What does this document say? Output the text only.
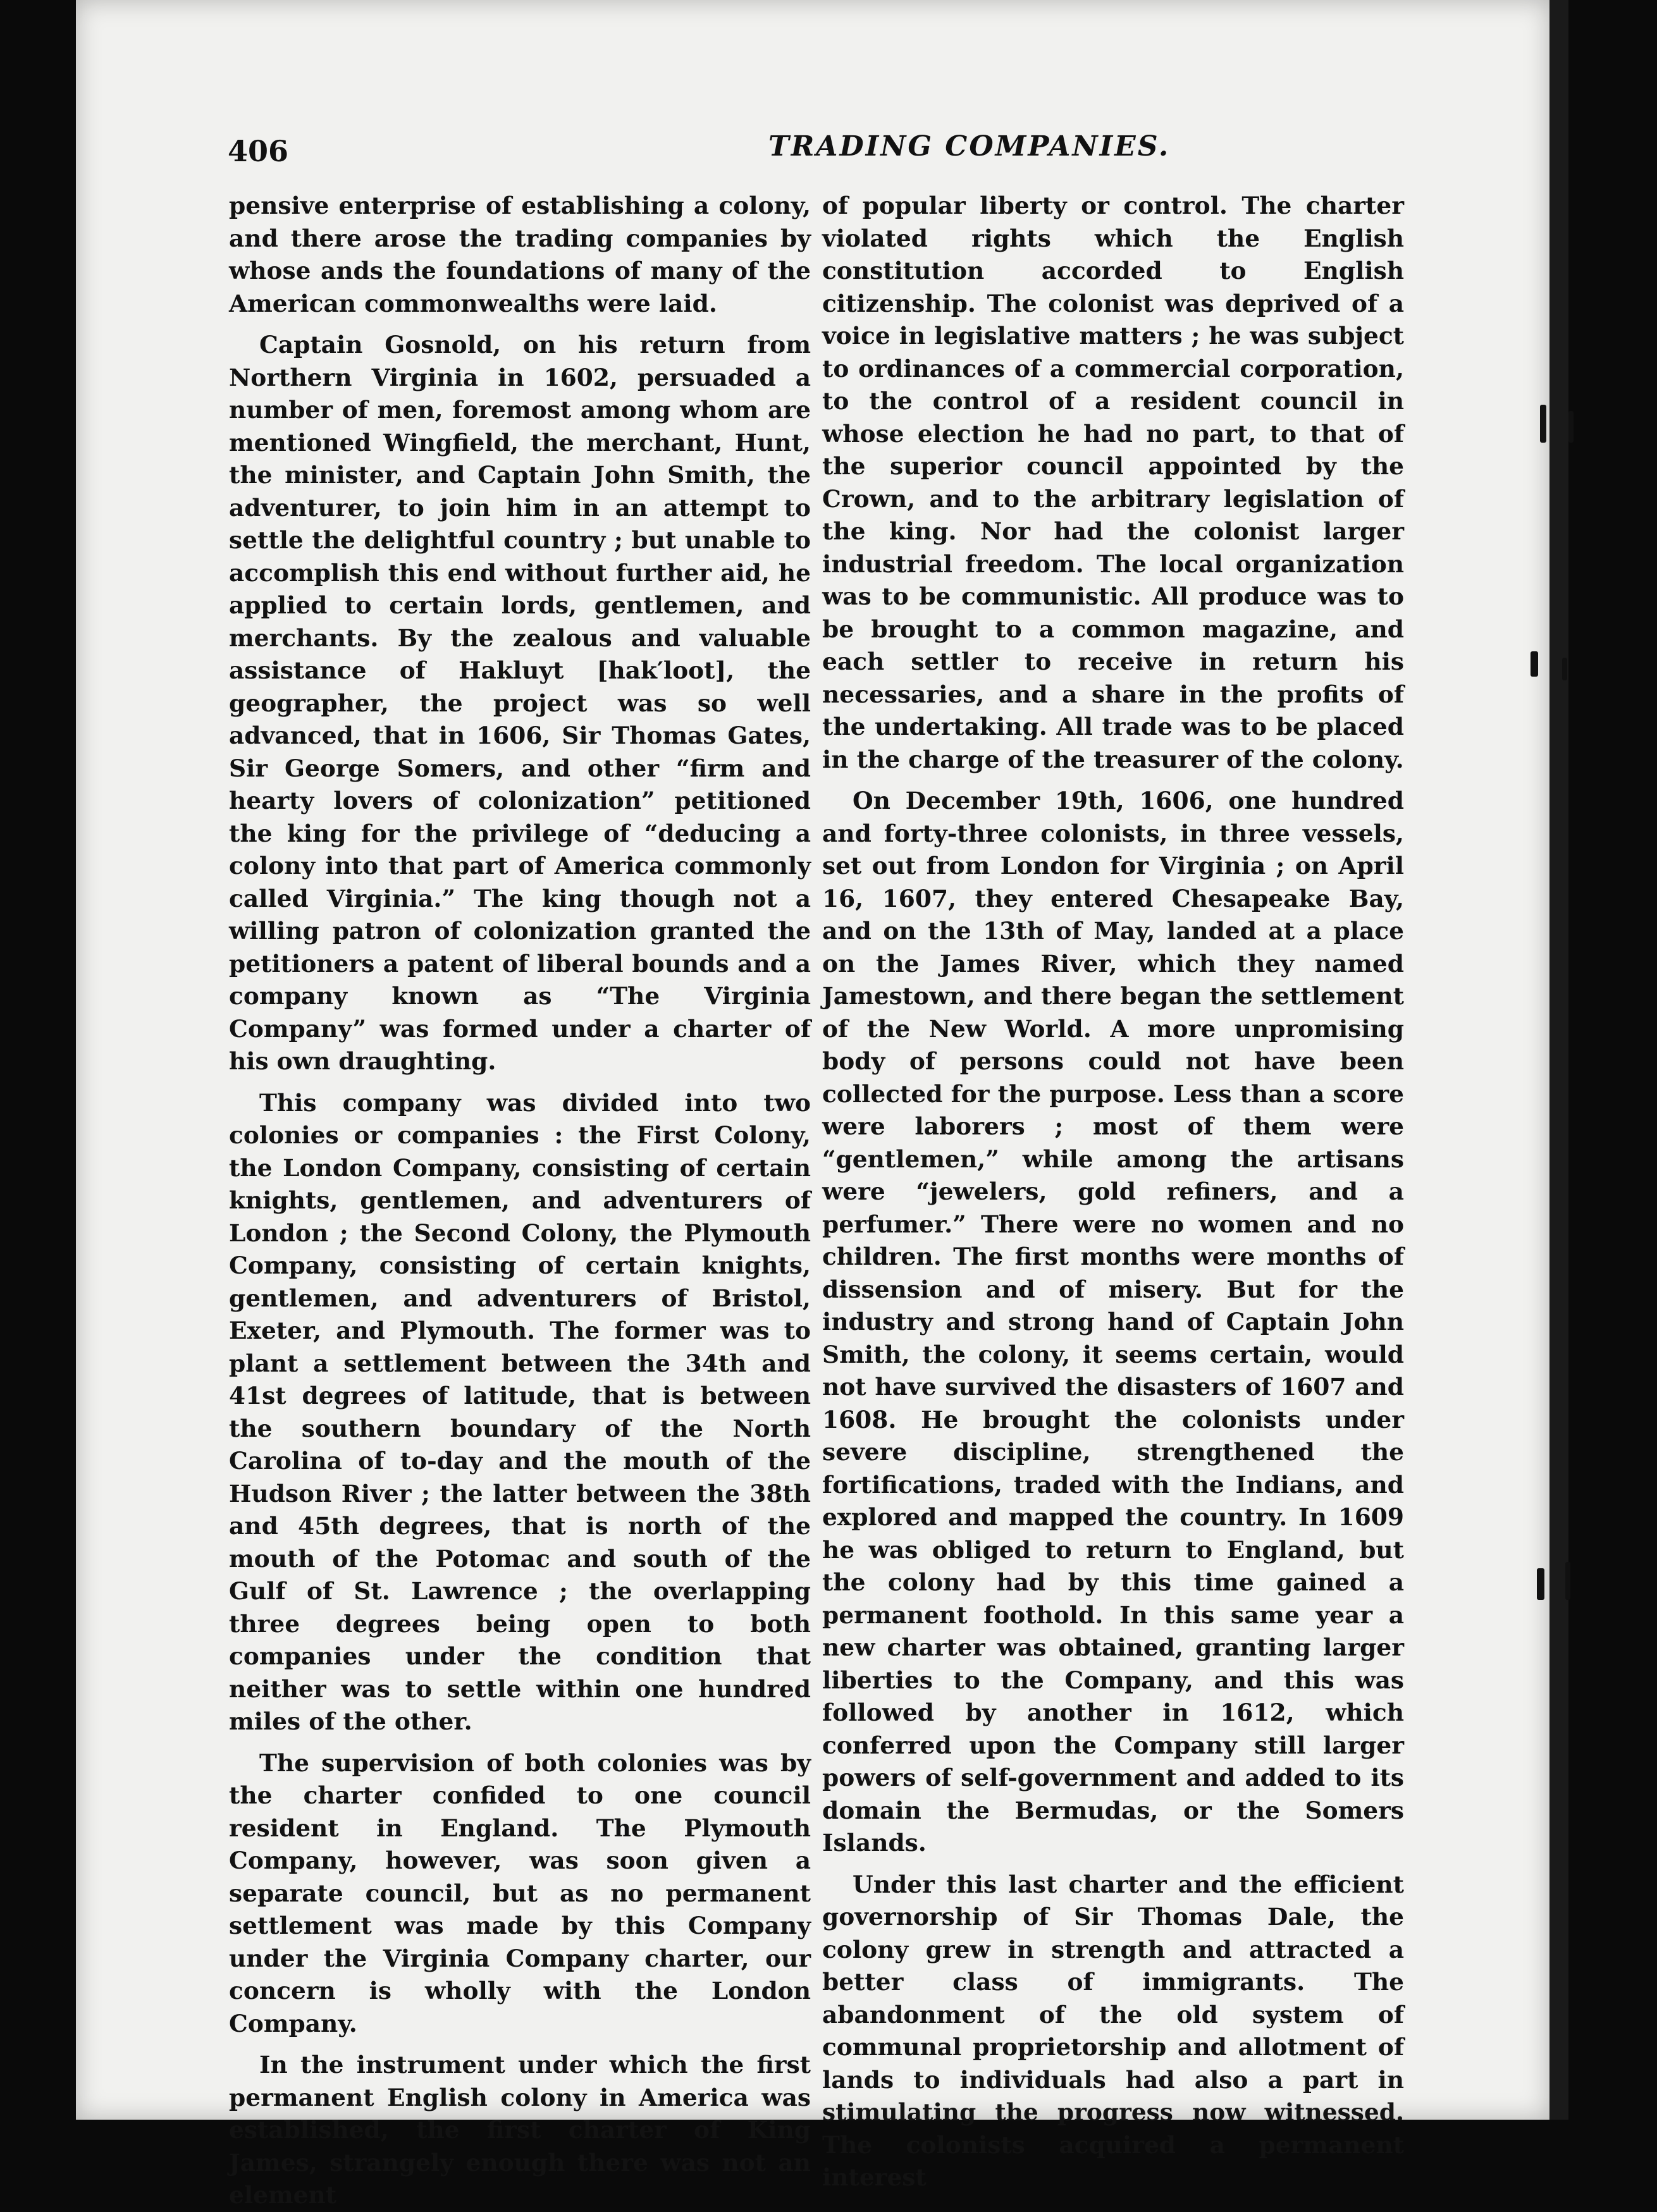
406	TRADING COMPANIES.

pensive enterprise of establishing a colony, and there arose the trading companies by whose ands the foundations of many of the American commonwealths were laid.

Captain Gosnold, on his return from Northern Virginia in 1602, persuaded a number of men, foremost among whom are mentioned Wingfield, the merchant, Hunt, the minister, and Captain John Smith, the adventurer, to join him in an attempt to settle the delightful country ; but unable to accomplish this end without further aid, he applied to certain lords, gentlemen, and merchants. By the zealous and valuable assistance of Hakluyt [hak′loot], the geographer, the project was so well advanced, that in 1606, Sir Thomas Gates, Sir George Somers, and other “firm and hearty lovers of colonization” petitioned the king for the privilege of “deducing a colony into that part of America commonly called Virginia.” The king though not a willing patron of colonization granted the petitioners a patent of liberal bounds and a company known as “The Virginia Company” was formed under a charter of his own draughting.

This company was divided into two colonies or companies : the First Colony, the London Company, consisting of certain knights, gentlemen, and adventurers of London ; the Second Colony, the Plymouth Company, consisting of certain knights, gentlemen, and adventurers of Bristol, Exeter, and Plymouth. The former was to plant a settlement between the 34th and 41st degrees of latitude, that is between the southern boundary of the North Carolina of to-day and the mouth of the Hudson River ; the latter between the 38th and 45th degrees, that is north of the mouth of the Potomac and south of the Gulf of St. Lawrence ; the overlapping three degrees being open to both companies under the condition that neither was to settle within one hundred miles of the other.

The supervision of both colonies was by the charter confided to one council resident in England. The Plymouth Company, however, was soon given a separate council, but as no permanent settlement was made by this Company under the Virginia Company charter, our concern is wholly with the London Company.

In the instrument under which the first permanent English colony in America was established, the first charter of King James, strangely enough there was not an element

of popular liberty or control. The charter violated rights which the English constitution accorded to English citizenship. The colonist was deprived of a voice in legislative matters ; he was subject to ordinances of a commercial corporation, to the control of a resident council in whose election he had no part, to that of the superior council appointed by the Crown, and to the arbitrary legislation of the king. Nor had the colonist larger industrial freedom. The local organization was to be communistic. All produce was to be brought to a common magazine, and each settler to receive in return his necessaries, and a share in the profits of the undertaking. All trade was to be placed in the charge of the treasurer of the colony.

On December 19th, 1606, one hundred and forty-three colonists, in three vessels, set out from London for Virginia ; on April 16, 1607, they entered Chesapeake Bay, and on the 13th of May, landed at a place on the James River, which they named Jamestown, and there began the settlement of the New World. A more unpromising body of persons could not have been collected for the purpose. Less than a score were laborers ; most of them were “gentlemen,” while among the artisans were “jewelers, gold refiners, and a perfumer.” There were no women and no children. The first months were months of dissension and of misery. But for the industry and strong hand of Captain John Smith, the colony, it seems certain, would not have survived the disasters of 1607 and 1608. He brought the colonists under severe discipline, strengthened the fortifications, traded with the Indians, and explored and mapped the country. In 1609 he was obliged to return to England, but the colony had by this time gained a permanent foothold. In this same year a new charter was obtained, granting larger liberties to the Company, and this was followed by another in 1612, which conferred upon the Company still larger powers of self-government and added to its domain the Bermudas, or the Somers Islands.

Under this last charter and the efficient governorship of Sir Thomas Dale, the colony grew in strength and attracted a better class of immigrants. The abandonment of the old system of communal proprietorship and allotment of lands to individuals had also a part in stimulating the progress now witnessed. The colonists acquired a permanent interest
